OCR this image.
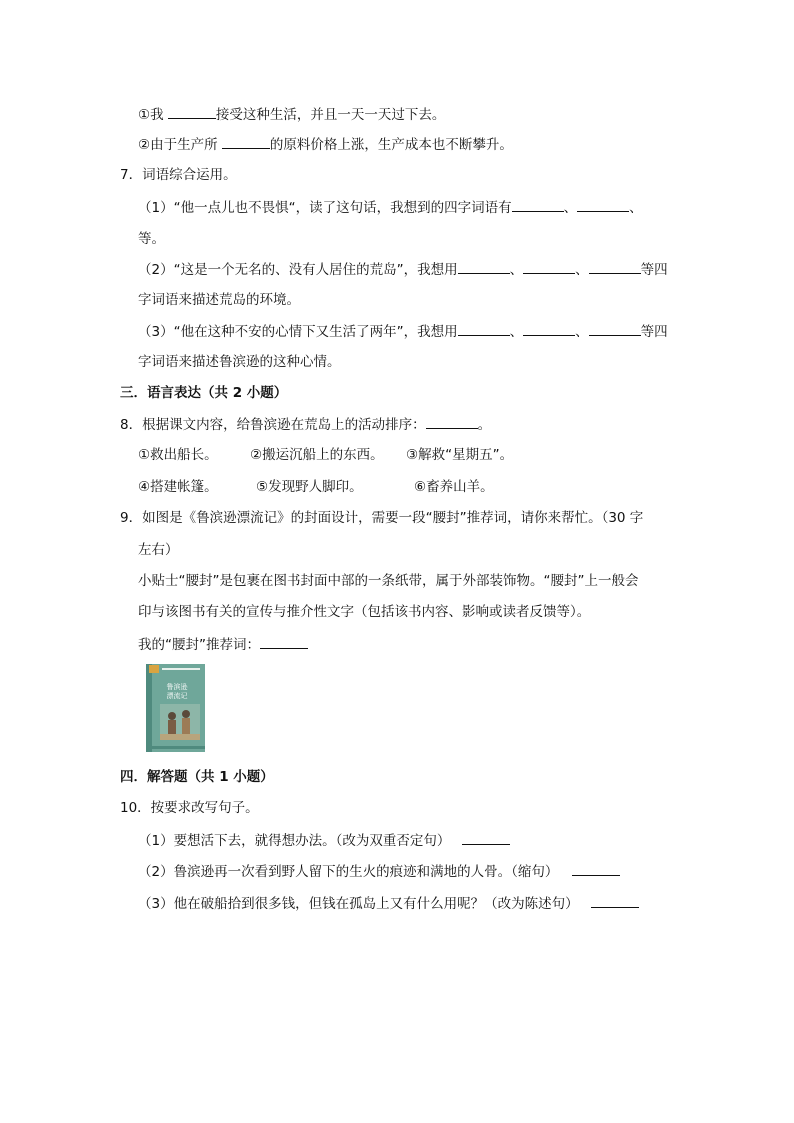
①我	接受这种生活，并且一天一天过下去。
②由于生产所	的原料价格上涨，生产成本也不断攀升。
7．词语综合运用。
（1）“他一点儿也不畏惧“，读了这句话，我想到的四字词语有	、	、
等。
（2）“这是一个无名的、没有人居住的荒岛”，我想用	、	、	等四
字词语来描述荒岛的环境。
（3）“他在这种不安的心情下又生活了两年”，我想用	、	、	等四
字词语来描述鲁滨逊的这种心情。
三．语言表达（共 2 小题）
8．根据课文内容，给鲁滨逊在荒岛上的活动排序：	。
①救出船长。 ②搬运沉船上的东西。 ③解救“星期五”。
④搭建帐篷。	⑤发现野人脚印。	⑥畜养山羊。
9．如图是《鲁滨逊漂流记》的封面设计，需要一段“腰封”推荐词，请你来帮忙。（30 字
左右）
小贴士“腰封”是包裹在图书封面中部的一条纸带，属于外部装饰物。“腰封”上一般会
印与该图书有关的宣传与推介性文字（包括该书内容、影响或读者反馈等）。
我的“腰封”推荐词：
鲁滨逊
漂流记
四．解答题（共 1 小题）
10．按要求改写句子。
（1）要想活下去，就得想办法。（改为双重否定句）
（2）鲁滨逊再一次看到野人留下的生火的痕迹和满地的人骨。（缩句）
（3）他在破船拾到很多钱，但钱在孤岛上又有什么用呢？（改为陈述句）
